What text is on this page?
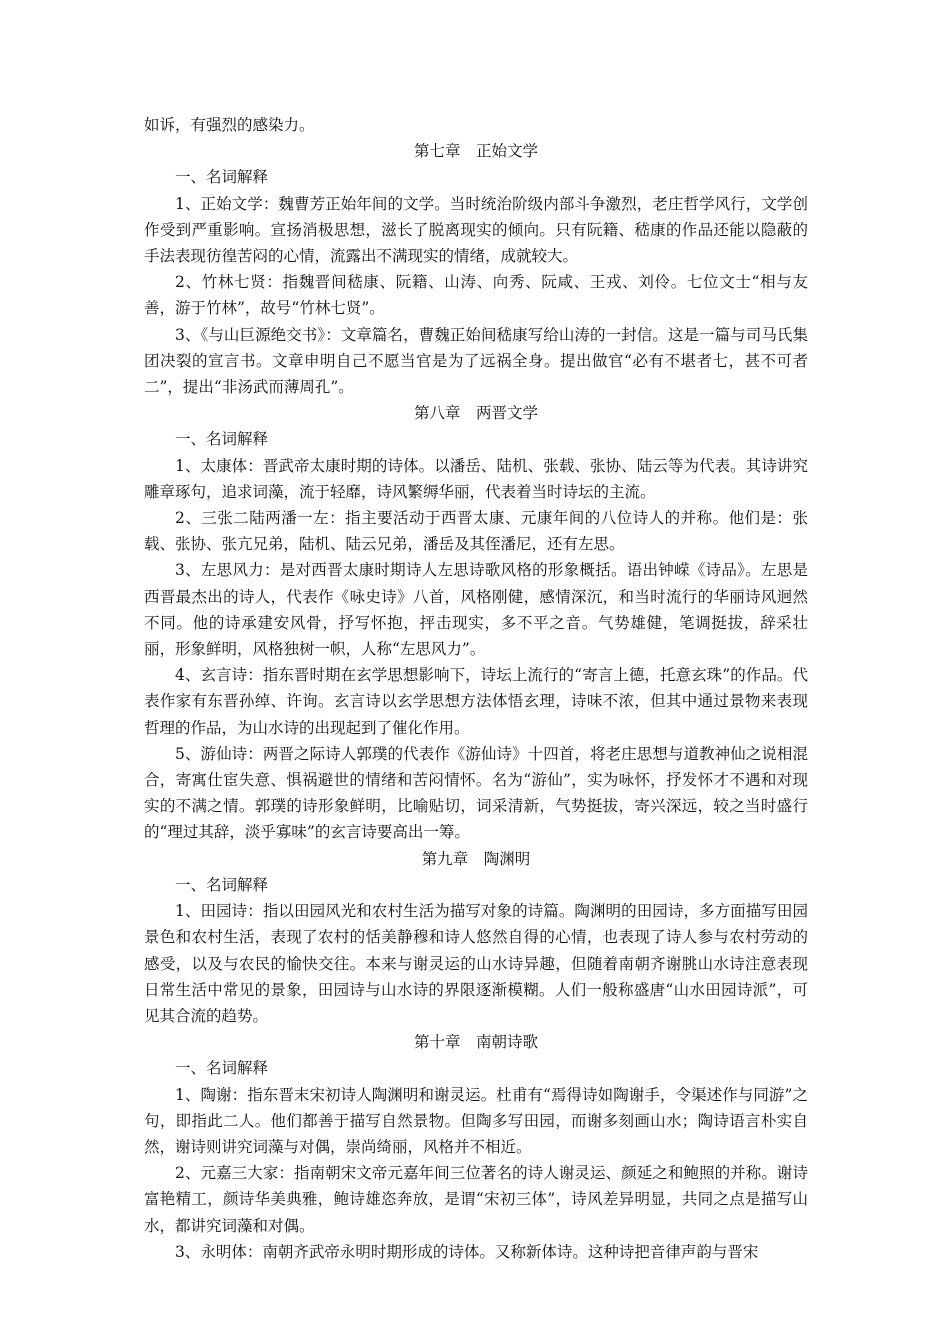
如诉，有强烈的感染力。

第七章　正始文学

一、名词解释

1、正始文学：魏曹芳正始年间的文学。当时统治阶级内部斗争激烈，老庄哲学风行，文学创作受到严重影响。宣扬消极思想，滋长了脱离现实的倾向。只有阮籍、嵇康的作品还能以隐蔽的手法表现彷徨苦闷的心情，流露出不满现实的情绪，成就较大。

2、竹林七贤：指魏晋间嵇康、阮籍、山涛、向秀、阮咸、王戎、刘伶。七位文士“相与友善，游于竹林”，故号“竹林七贤”。

3、《与山巨源绝交书》：文章篇名，曹魏正始间嵇康写给山涛的一封信。这是一篇与司马氏集团决裂的宣言书。文章申明自己不愿当官是为了远祸全身。提出做官“必有不堪者七，甚不可者二”，提出“非汤武而薄周孔”。

第八章　两晋文学

一、名词解释

1、太康体：晋武帝太康时期的诗体。以潘岳、陆机、张载、张协、陆云等为代表。其诗讲究雕章琢句，追求词藻，流于轻靡，诗风繁缛华丽，代表着当时诗坛的主流。

2、三张二陆两潘一左：指主要活动于西晋太康、元康年间的八位诗人的并称。他们是：张载、张协、张亢兄弟，陆机、陆云兄弟，潘岳及其侄潘尼，还有左思。

3、左思风力：是对西晋太康时期诗人左思诗歌风格的形象概括。语出钟嵘《诗品》。左思是西晋最杰出的诗人，代表作《咏史诗》八首，风格刚健，感情深沉，和当时流行的华丽诗风迥然不同。他的诗承建安风骨，抒写怀抱，抨击现实，多不平之音。气势雄健，笔调挺拔，辞采壮丽，形象鲜明，风格独树一帜，人称“左思风力”。

4、玄言诗：指东晋时期在玄学思想影响下，诗坛上流行的“寄言上德，托意玄珠”的作品。代表作家有东晋孙绰、许询。玄言诗以玄学思想方法体悟玄理，诗味不浓，但其中通过景物来表现哲理的作品，为山水诗的出现起到了催化作用。

5、游仙诗：两晋之际诗人郭璞的代表作《游仙诗》十四首，将老庄思想与道教神仙之说相混合，寄寓仕宦失意、惧祸避世的情绪和苦闷情怀。名为“游仙”，实为咏怀，抒发怀才不遇和对现实的不满之情。郭璞的诗形象鲜明，比喻贴切，词采清新，气势挺拔，寄兴深远，较之当时盛行的“理过其辞，淡乎寡味”的玄言诗要高出一筹。

第九章　陶渊明

一、名词解释

1、田园诗：指以田园风光和农村生活为描写对象的诗篇。陶渊明的田园诗，多方面描写田园景色和农村生活，表现了农村的恬美静穆和诗人悠然自得的心情，也表现了诗人参与农村劳动的感受，以及与农民的愉快交往。本来与谢灵运的山水诗异趣，但随着南朝齐谢朓山水诗注意表现日常生活中常见的景象，田园诗与山水诗的界限逐渐模糊。人们一般称盛唐“山水田园诗派”，可见其合流的趋势。

第十章　南朝诗歌

一、名词解释

1、陶谢：指东晋末宋初诗人陶渊明和谢灵运。杜甫有“焉得诗如陶谢手，令渠述作与同游”之句，即指此二人。他们都善于描写自然景物。但陶多写田园，而谢多刻画山水；陶诗语言朴实自然，谢诗则讲究词藻与对偶，崇尚绮丽，风格并不相近。

2、元嘉三大家：指南朝宋文帝元嘉年间三位著名的诗人谢灵运、颜延之和鲍照的并称。谢诗富艳精工，颜诗华美典雅，鲍诗雄恣奔放，是谓“宋初三体”，诗风差异明显，共同之点是描写山水，都讲究词藻和对偶。

3、永明体：南朝齐武帝永明时期形成的诗体。又称新体诗。这种诗把音律声韵与晋宋
